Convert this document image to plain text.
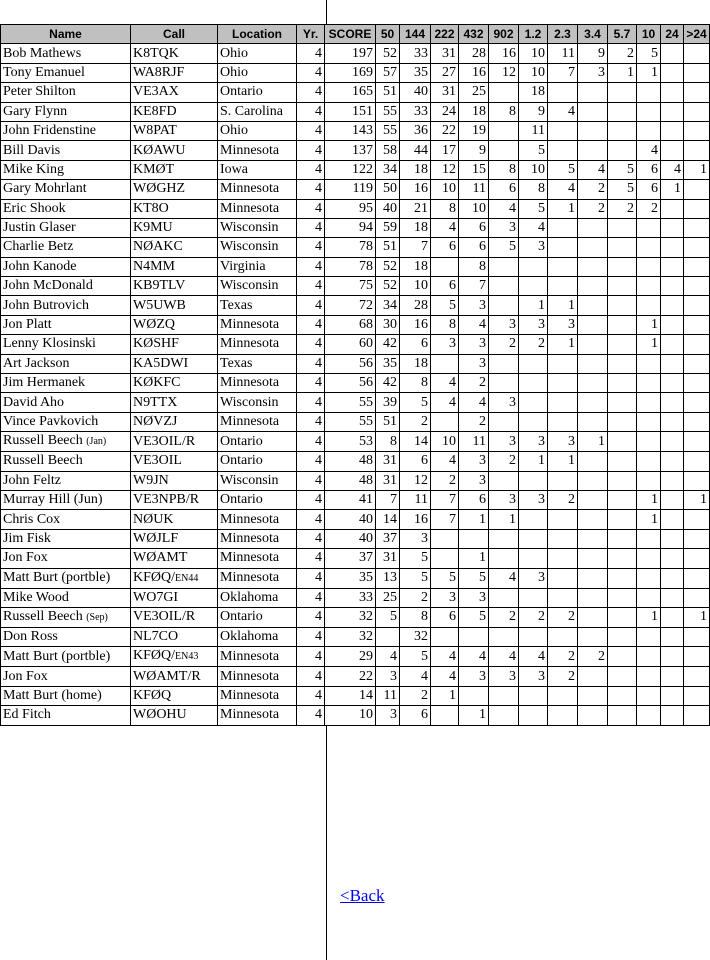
Name	Call	Location	Yr.	SCORE	50	144	222	432	902	1.2	2.3	3.4	5.7	10	24	>24
Bob Mathews	K8TQK	Ohio	4	197	52	33	31	28	16	10	11	9	2	5		
Tony Emanuel	WA8RJF	Ohio	4	169	57	35	27	16	12	10	7	3	1	1		
Peter Shilton	VE3AX	Ontario	4	165	51	40	31	25		18						
Gary Flynn	KE8FD	S. Carolina	4	151	55	33	24	18	8	9	4					
John Fridenstine	W8PAT	Ohio	4	143	55	36	22	19		11						
Bill Davis	KØAWU	Minnesota	4	137	58	44	17	9		5				4		
Mike King	KMØT	Iowa	4	122	34	18	12	15	8	10	5	4	5	6	4	1
Gary Mohrlant	WØGHZ	Minnesota	4	119	50	16	10	11	6	8	4	2	5	6	1	
Eric Shook	KT8O	Minnesota	4	95	40	21	8	10	4	5	1	2	2	2		
Justin Glaser	K9MU	Wisconsin	4	94	59	18	4	6	3	4						
Charlie Betz	NØAKC	Wisconsin	4	78	51	7	6	6	5	3						
John Kanode	N4MM	Virginia	4	78	52	18		8								
John McDonald	KB9TLV	Wisconsin	4	75	52	10	6	7								
John Butrovich	W5UWB	Texas	4	72	34	28	5	3		1	1					
Jon Platt	WØZQ	Minnesota	4	68	30	16	8	4	3	3	3			1		
Lenny Klosinski	KØSHF	Minnesota	4	60	42	6	3	3	2	2	1			1		
Art Jackson	KA5DWI	Texas	4	56	35	18		3								
Jim Hermanek	KØKFC	Minnesota	4	56	42	8	4	2								
David Aho	N9TTX	Wisconsin	4	55	39	5	4	4	3							
Vince Pavkovich	NØVZJ	Minnesota	4	55	51	2		2								
Russell Beech (Jan)	VE3OIL/R	Ontario	4	53	8	14	10	11	3	3	3	1				
Russell Beech	VE3OIL	Ontario	4	48	31	6	4	3	2	1	1					
John Feltz	W9JN	Wisconsin	4	48	31	12	2	3								
Murray Hill (Jun)	VE3NPB/R	Ontario	4	41	7	11	7	6	3	3	2			1		1
Chris Cox	NØUK	Minnesota	4	40	14	16	7	1	1					1		
Jim Fisk	WØJLF	Minnesota	4	40	37	3										
Jon Fox	WØAMT	Minnesota	4	37	31	5		1								
Matt Burt (portble)	KFØQ/EN44	Minnesota	4	35	13	5	5	5	4	3						
Mike Wood	WO7GI	Oklahoma	4	33	25	2	3	3								
Russell Beech (Sep)	VE3OIL/R	Ontario	4	32	5	8	6	5	2	2	2			1		1
Don Ross	NL7CO	Oklahoma	4	32		32										
Matt Burt (portble)	KFØQ/EN43	Minnesota	4	29	4	5	4	4	4	4	2	2				
Jon Fox	WØAMT/R	Minnesota	4	22	3	4	4	3	3	3	2					
Matt Burt (home)	KFØQ	Minnesota	4	14	11	2	1									
Ed Fitch	WØOHU	Minnesota	4	10	3	6		1								
<Back
